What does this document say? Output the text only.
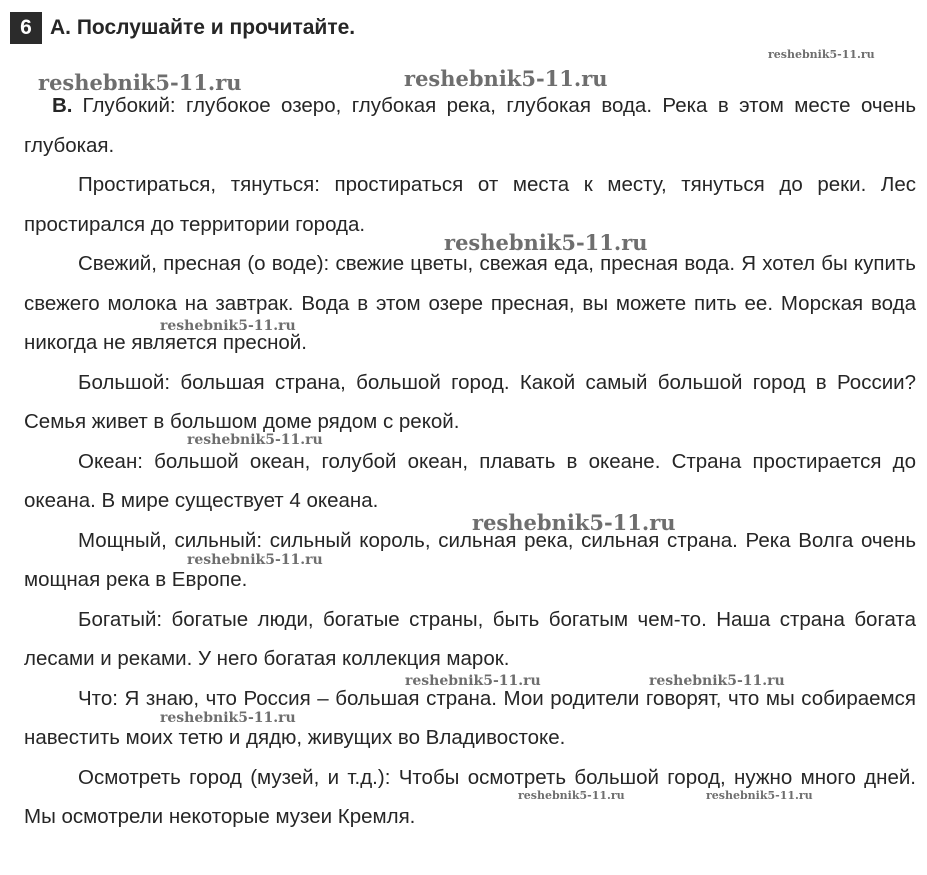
6 A. Послушайте и прочитайте.

B. Глубокий: глубокое озеро, глубокая река, глубокая вода. Река в этом месте очень глубокая.

Простираться, тянуться: простираться от места к месту, тянуться до реки. Лес простирался до территории города.

Свежий, пресная (о воде): свежие цветы, свежая еда, пресная вода. Я хотел бы купить свежего молока на завтрак. Вода в этом озере пресная, вы можете пить ее. Морская вода никогда не является пресной.

Большой: большая страна, большой город. Какой самый большой город в России? Семья живет в большом доме рядом с рекой.

Океан: большой океан, голубой океан, плавать в океане. Страна простирается до океана. В мире существует 4 океана.

Мощный, сильный: сильный король, сильная река, сильная страна. Река Волга очень мощная река в Европе.

Богатый: богатые люди, богатые страны, быть богатым чем-то. Наша страна богата лесами и реками. У него богатая коллекция марок.

Что: Я знаю, что Россия – большая страна. Мои родители говорят, что мы собираемся навестить моих тетю и дядю, живущих во Владивостоке.

Осмотреть город (музей, и т.д.): Чтобы осмотреть большой город, нужно много дней. Мы осмотрели некоторые музеи Кремля.

reshebnik5-11.ru
reshebnik5-11.ru	reshebnik5-11.ru
reshebnik5-11.ru
reshebnik5-11.ru
reshebnik5-11.ru
reshebnik5-11.ru
reshebnik5-11.ru
reshebnik5-11.ru	reshebnik5-11.ru
reshebnik5-11.ru
reshebnik5-11.ru	reshebnik5-11.ru
